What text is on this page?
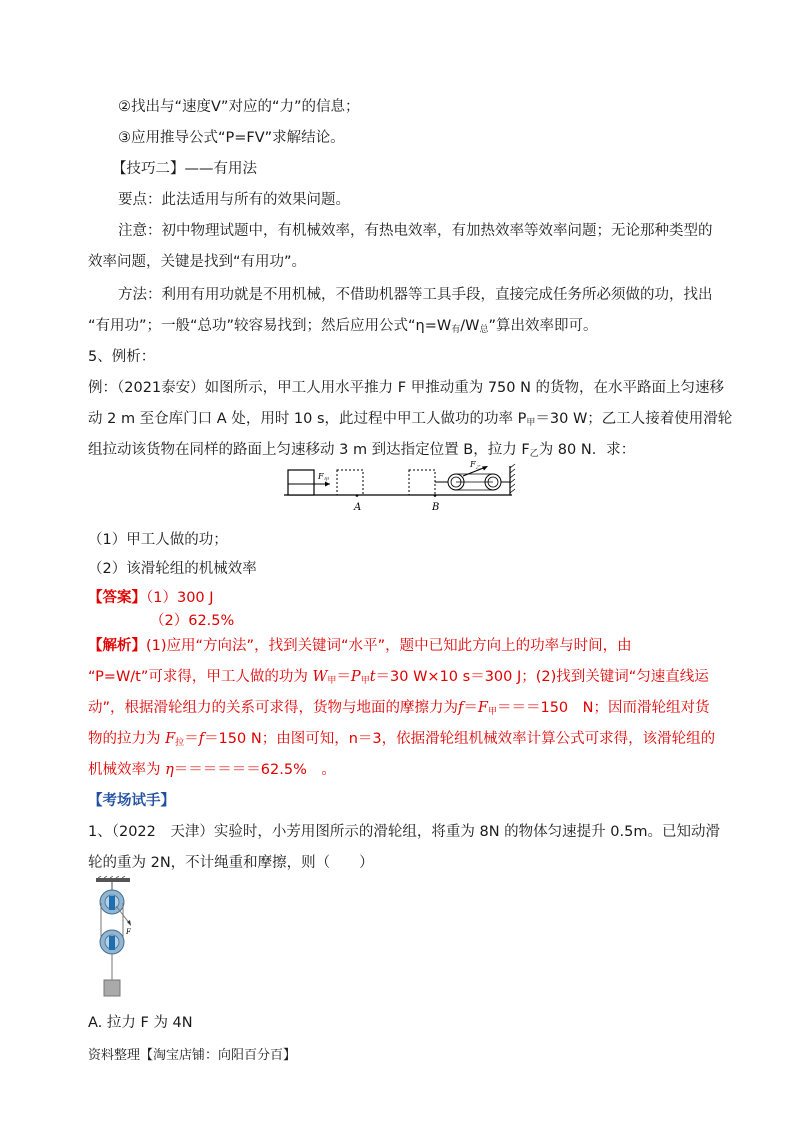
②找出与“速度V”对应的“力”的信息；
③应用推导公式“P=FV”求解结论。
【技巧二】——有用法
要点：此法适用与所有的效果问题。
注意：初中物理试题中，有机械效率，有热电效率，有加热效率等效率问题；无论那种类型的
效率问题，关键是找到“有用功”。
方法：利用有用功就是不用机械，不借助机器等工具手段，直接完成任务所必须做的功，找出
“有用功”；一般“总功”较容易找到；然后应用公式“$\eta=W_有/W_总$”算出效率即可。
5、例析：
例：（2021泰安）如图所示，甲工人用水平推力 F 甲推动重为 750 N 的货物，在水平路面上匀速移
动 2 m 至仓库门口 A 处，用时 10 s，此过程中甲工人做功的功率 $P_甲=30$ W；乙工人接着使用滑轮
组拉动该货物在同样的路面上匀速移动 3 m 到达指定位置 B，拉力 $F_乙$为 80 N．求：
$F_甲$
A	B
$F_乙$
（1）甲工人做的功；
（2）该滑轮组的机械效率
【答案】（1）300 J
（2）62.5%
【解析】(1)应用“方向法”，找到关键词“水平”，题中已知此方向上的功率与时间，由
“P=W/t”可求得，甲工人做的功为 $W_甲=P_甲t=30$ W×10 s＝300 J；(2)找到关键词“匀速直线运
动”，根据滑轮组力的关系可求得，货物与地面的摩擦力为$f=F_甲===150$　N；因而滑轮组对货
物的拉力为 $F_拉=f=150$ N；由图可知，n＝3，依据滑轮组机械效率计算公式可求得，该滑轮组的
机械效率为 η＝＝＝＝＝＝62.5%　。
【考场试手】
1、（2022　天津）实验时，小芳用图所示的滑轮组，将重为 8N 的物体匀速提升 0.5m。已知动滑
轮的重为 2N，不计绳重和摩擦，则（　　）
F
A. 拉力 F 为 4N
资料整理【淘宝店铺：向阳百分百】
